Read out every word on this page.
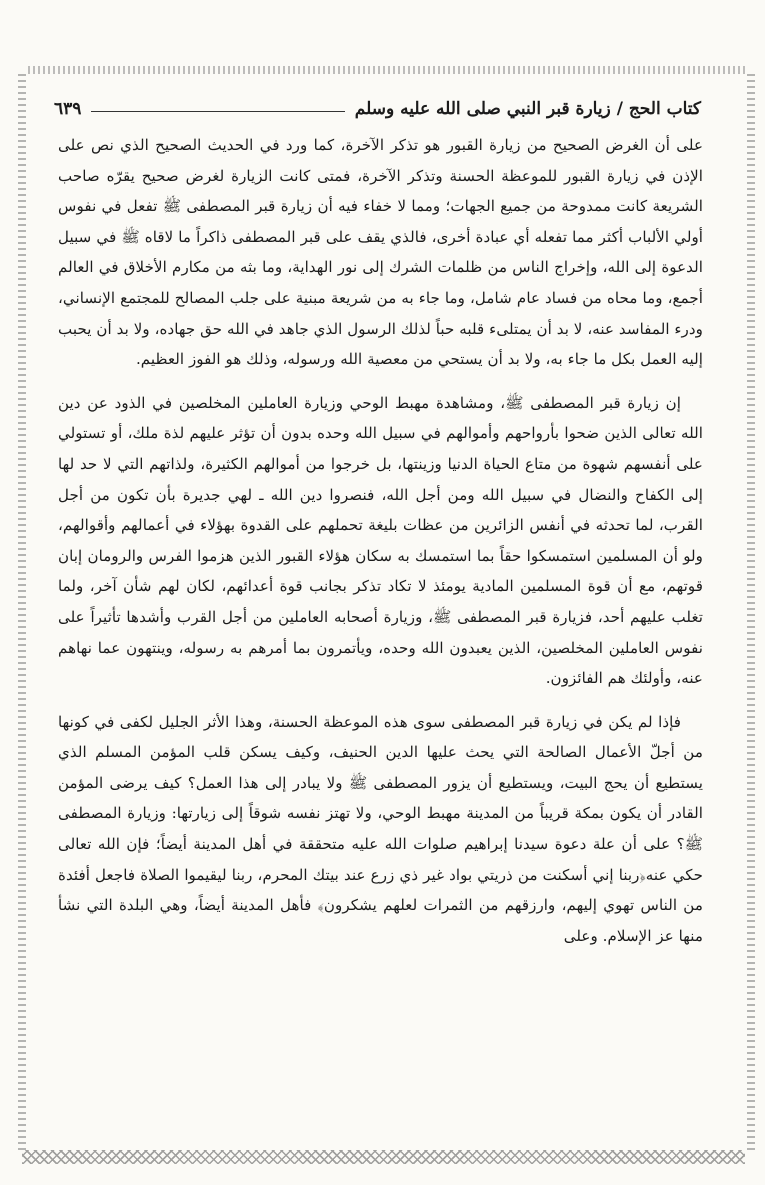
كتاب الحج / زيارة قبر النبي صلى الله عليه وسلم
٦٣٩

على أن الغرض الصحيح من زيارة القبور هو تذكر الآخرة، كما ورد في الحديث الصحيح الذي نص على الإذن في زيارة القبور للموعظة الحسنة وتذكر الآخرة، فمتى كانت الزيارة لغرض صحيح يقرّه صاحب الشريعة كانت ممدوحة من جميع الجهات؛ ومما لا خفاء فيه أن زيارة قبر المصطفى ﷺ تفعل في نفوس أولي الألباب أكثر مما تفعله أي عبادة أخرى، فالذي يقف على قبر المصطفى ذاكراً ما لاقاه ﷺ في سبيل الدعوة إلى الله، وإخراج الناس من ظلمات الشرك إلى نور الهداية، وما بثه من مكارم الأخلاق في العالم أجمع، وما محاه من فساد عام شامل، وما جاء به من شريعة مبنية على جلب المصالح للمجتمع الإنساني، ودرء المفاسد عنه، لا بد أن يمتلىء قلبه حباً لذلك الرسول الذي جاهد في الله حق جهاده، ولا بد أن يحبب إليه العمل بكل ما جاء به، ولا بد أن يستحي من معصية الله ورسوله، وذلك هو الفوز العظيم.

إن زيارة قبر المصطفى ﷺ، ومشاهدة مهبط الوحي وزيارة العاملين المخلصين في الذود عن دين الله تعالى الذين ضحوا بأرواحهم وأموالهم في سبيل الله وحده بدون أن تؤثر عليهم لذة ملك، أو تستولي على أنفسهم شهوة من متاع الحياة الدنيا وزينتها، بل خرجوا من أموالهم الكثيرة، ولذاتهم التي لا حد لها إلى الكفاح والنضال في سبيل الله ومن أجل الله، فنصروا دين الله ـ لهي جديرة بأن تكون من أجل القرب، لما تحدثه في أنفس الزائرين من عظات بليغة تحملهم على القدوة بهؤلاء في أعمالهم وأقوالهم، ولو أن المسلمين استمسكوا حقاً بما استمسك به سكان هؤلاء القبور الذين هزموا الفرس والرومان إبان قوتهم، مع أن قوة المسلمين المادية يومئذ لا تكاد تذكر بجانب قوة أعدائهم، لكان لهم شأن آخر، ولما تغلب عليهم أحد، فزيارة قبر المصطفى ﷺ، وزيارة أصحابه العاملين من أجل القرب وأشدها تأثيراً على نفوس العاملين المخلصين، الذين يعبدون الله وحده، ويأتمرون بما أمرهم به رسوله، وينتهون عما نهاهم عنه، وأولئك هم الفائزون.

فإذا لم يكن في زيارة قبر المصطفى سوى هذه الموعظة الحسنة، وهذا الأثر الجليل لكفى في كونها من أجلّ الأعمال الصالحة التي يحث عليها الدين الحنيف، وكيف يسكن قلب المؤمن المسلم الذي يستطيع أن يحج البيت، ويستطيع أن يزور المصطفى ﷺ ولا يبادر إلى هذا العمل؟ كيف يرضى المؤمن القادر أن يكون بمكة قريباً من المدينة مهبط الوحي، ولا تهتز نفسه شوقاً إلى زيارتها: وزيارة المصطفى ﷺ؟ على أن علة دعوة سيدنا إبراهيم صلوات الله عليه متحققة في أهل المدينة أيضاً؛ فإن الله تعالى حكي عنه﴿ربنا إني أسكنت من ذريتي بواد غير ذي زرع عند بيتك المحرم، ربنا ليقيموا الصلاة فاجعل أفئدة من الناس تهوي إليهم، وارزقهم من الثمرات لعلهم يشكرون﴾ فأهل المدينة أيضاً، وهي البلدة التي نشأ منها عز الإسلام. وعلى
